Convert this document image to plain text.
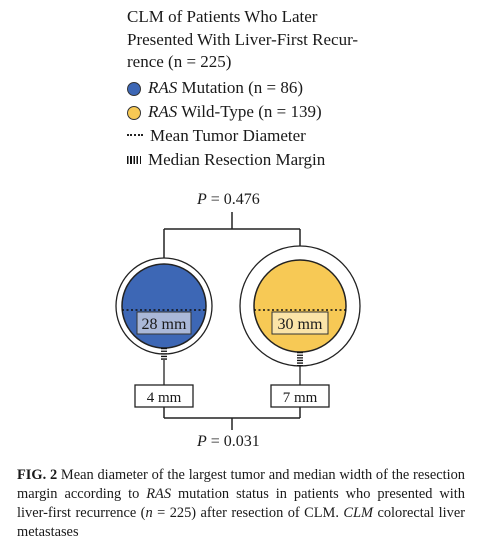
CLM of Patients Who Later
Presented With Liver-First Recur-
rence (n = 225)
RAS Mutation (n = 86)
RAS Wild-Type (n = 139)
Mean Tumor Diameter
Median Resection Margin
P = 0.476
28 mm
4 mm
30 mm
7 mm
P = 0.031
FIG. 2 Mean diameter of the largest tumor and median width of the resection margin according to RAS mutation status in patients who presented with liver-first recurrence (n = 225) after resection of CLM. CLM colorectal liver metastases
